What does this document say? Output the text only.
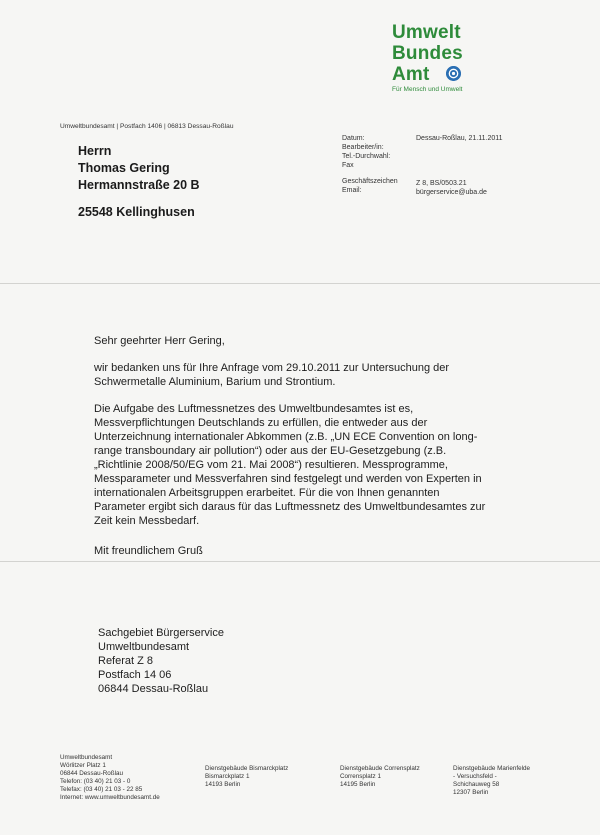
Umwelt
Bundes
Amt
Für Mensch und Umwelt
Umweltbundesamt | Postfach 1406 | 06813 Dessau-Roßlau
Herrn
Thomas Gering
Hermannstraße 20 B
25548 Kellinghusen
Datum:
Bearbeiter/in:
Tel.-Durchwahl:
Fax
Geschäftszeichen
Email:
Dessau-Roßlau, 21.11.2011
Z 8, BS/0503.21
bürgerservice@uba.de
Sehr geehrter Herr Gering,
wir bedanken uns für Ihre Anfrage vom 29.10.2011 zur Untersuchung der
Schwermetalle Aluminium, Barium und Strontium.
Die Aufgabe des Luftmessnetzes des Umweltbundesamtes ist es,
Messverpflichtungen Deutschlands zu erfüllen, die entweder aus der
Unterzeichnung internationaler Abkommen (z.B. „UN ECE Convention on long-
range transboundary air pollution“) oder aus der EU-Gesetzgebung (z.B.
„Richtlinie 2008/50/EG vom 21. Mai 2008“) resultieren. Messprogramme,
Messparameter und Messverfahren sind festgelegt und werden von Experten in
internationalen Arbeitsgruppen erarbeitet. Für die von Ihnen genannten
Parameter ergibt sich daraus für das Luftmessnetz des Umweltbundesamtes zur
Zeit kein Messbedarf.
Mit freundlichem Gruß
Sachgebiet Bürgerservice
Umweltbundesamt
Referat Z 8
Postfach 14 06
06844 Dessau-Roßlau
Umweltbundesamt
Wörlitzer Platz 1
06844 Dessau-Roßlau
Telefon: (03 40) 21 03 - 0
Telefax: (03 40) 21 03 - 22 85
Internet: www.umweltbundesamt.de
Dienstgebäude Bismarckplatz
Bismarckplatz 1
14193 Berlin
Dienstgebäude Corrensplatz
Corrensplatz 1
14195 Berlin
Dienstgebäude Marienfelde
- Versuchsfeld -
Schichauweg 58
12307 Berlin
